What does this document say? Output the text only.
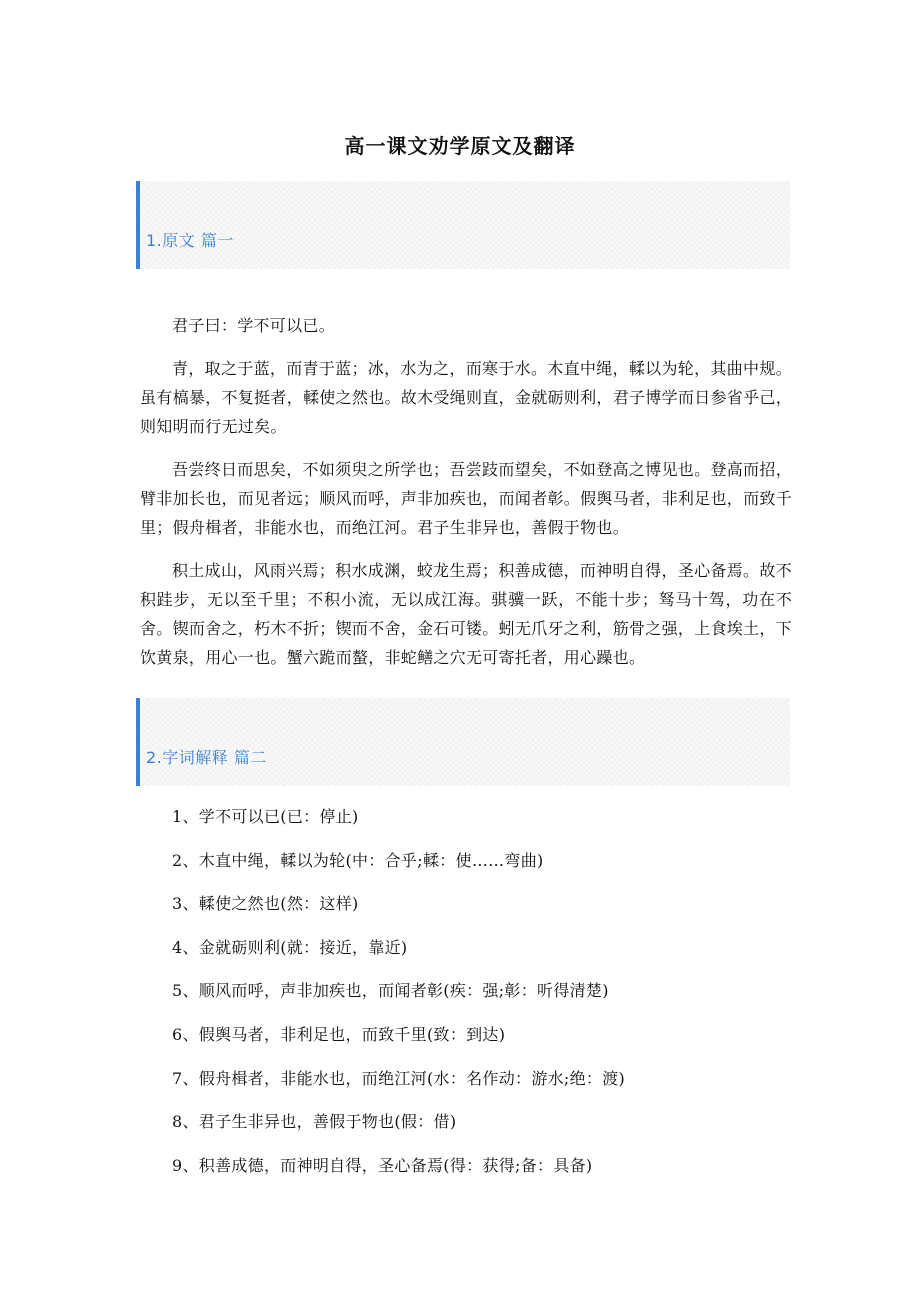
高一课文劝学原文及翻译
1.原文 篇一

君子曰：学不可以已。

青，取之于蓝，而青于蓝；冰，水为之，而寒于水。木直中绳，輮以为轮，其曲中规。虽有槁暴，不复挺者，輮使之然也。故木受绳则直，金就砺则利，君子博学而日参省乎己，则知明而行无过矣。

吾尝终日而思矣，不如须臾之所学也；吾尝跂而望矣，不如登高之博见也。登高而招，臂非加长也，而见者远；顺风而呼，声非加疾也，而闻者彰。假舆马者，非利足也，而致千里；假舟楫者，非能水也，而绝江河。君子生非异也，善假于物也。

积土成山，风雨兴焉；积水成渊，蛟龙生焉；积善成德，而神明自得，圣心备焉。故不积跬步，无以至千里；不积小流，无以成江海。骐骥一跃，不能十步；驽马十驾，功在不舍。锲而舍之，朽木不折；锲而不舍，金石可镂。蚓无爪牙之利，筋骨之强，上食埃土，下饮黄泉，用心一也。蟹六跪而螯，非蛇鳝之穴无可寄托者，用心躁也。

2.字词解释 篇二
1、学不可以已(已：停止)
2、木直中绳，輮以为轮(中：合乎;輮：使……弯曲)
3、輮使之然也(然：这样)
4、金就砺则利(就：接近，靠近)
5、顺风而呼，声非加疾也，而闻者彰(疾：强;彰：听得清楚)
6、假舆马者，非利足也，而致千里(致：到达)
7、假舟楫者，非能水也，而绝江河(水：名作动：游水;绝：渡)
8、君子生非异也，善假于物也(假：借)
9、积善成德，而神明自得，圣心备焉(得：获得;备：具备)
